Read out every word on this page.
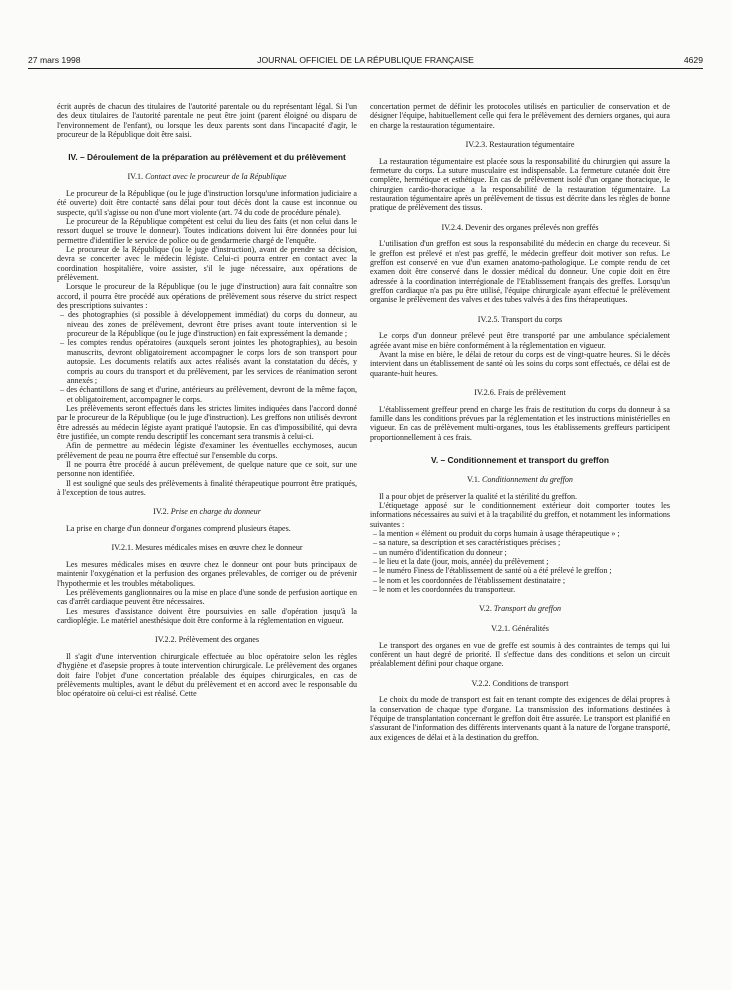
27 mars 1998	JOURNAL OFFICIEL DE LA RÉPUBLIQUE FRANÇAISE	4629

écrit auprès de chacun des titulaires de l'autorité parentale ou du représentant légal. Si l'un des deux titulaires de l'autorité parentale ne peut être joint (parent éloigné ou disparu de l'environnement de l'enfant), ou lorsque les deux parents sont dans l'incapacité d'agir, le procureur de la République doit être saisi.

IV. – Déroulement de la préparation au prélèvement et du prélèvement
IV.1. Contact avec le procureur de la République

Le procureur de la République (ou le juge d'instruction lorsqu'une information judiciaire a été ouverte) doit être contacté sans délai pour tout décès dont la cause est inconnue ou suspecte, qu'il s'agisse ou non d'une mort violente (art. 74 du code de procédure pénale).

Le procureur de la République compétent est celui du lieu des faits (et non celui dans le ressort duquel se trouve le donneur). Toutes indications doivent lui être données pour lui permettre d'identifier le service de police ou de gendarmerie chargé de l'enquête.

Le procureur de la République (ou le juge d'instruction), avant de prendre sa décision, devra se concerter avec le médecin légiste. Celui-ci pourra entrer en contact avec la coordination hospitalière, voire assister, s'il le juge nécessaire, aux opérations de prélèvement.

Lorsque le procureur de la République (ou le juge d'instruction) aura fait connaître son accord, il pourra être procédé aux opérations de prélèvement sous réserve du strict respect des prescriptions suivantes :

– des photographies (si possible à développement immédiat) du corps du donneur, au niveau des zones de prélèvement, devront être prises avant toute intervention si le procureur de la République (ou le juge d'instruction) en fait expressément la demande ;

– les comptes rendus opératoires (auxquels seront jointes les photographies), au besoin manuscrits, devront obligatoirement accompagner le corps lors de son transport pour autopsie. Les documents relatifs aux actes réalisés avant la constatation du décès, y compris au cours du transport et du prélèvement, par les services de réanimation seront annexés ;

– des échantillons de sang et d'urine, antérieurs au prélèvement, devront de la même façon, et obligatoirement, accompagner le corps.

Les prélèvements seront effectués dans les strictes limites indiquées dans l'accord donné par le procureur de la République (ou le juge d'instruction). Les greffons non utilisés devront être adressés au médecin légiste ayant pratiqué l'autopsie. En cas d'impossibilité, qui devra être justifiée, un compte rendu descriptif les concernant sera transmis à celui-ci.

Afin de permettre au médecin légiste d'examiner les éventuelles ecchymoses, aucun prélèvement de peau ne pourra être effectué sur l'ensemble du corps.

Il ne pourra être procédé à aucun prélèvement, de quelque nature que ce soit, sur une personne non identifiée.

Il est souligné que seuls des prélèvements à finalité thérapeutique pourront être pratiqués, à l'exception de tous autres.

IV.2. Prise en charge du donneur

La prise en charge d'un donneur d'organes comprend plusieurs étapes.

IV.2.1. Mesures médicales mises en œuvre chez le donneur

Les mesures médicales mises en œuvre chez le donneur ont pour buts principaux de maintenir l'oxygénation et la perfusion des organes prélevables, de corriger ou de prévenir l'hypothermie et les troubles métaboliques.

Les prélèvements ganglionnaires ou la mise en place d'une sonde de perfusion aortique en cas d'arrêt cardiaque peuvent être nécessaires.

Les mesures d'assistance doivent être poursuivies en salle d'opération jusqu'à la cardioplégie. Le matériel anesthésique doit être conforme à la réglementation en vigueur.

IV.2.2. Prélèvement des organes

Il s'agit d'une intervention chirurgicale effectuée au bloc opératoire selon les règles d'hygiène et d'asepsie propres à toute intervention chirurgicale. Le prélèvement des organes doit faire l'objet d'une concertation préalable des équipes chirurgicales, en cas de prélèvements multiples, avant le début du prélèvement et en accord avec le responsable du bloc opératoire où celui-ci est réalisé. Cette

concertation permet de définir les protocoles utilisés en particulier de conservation et de désigner l'équipe, habituellement celle qui fera le prélèvement des derniers organes, qui aura en charge la restauration tégumentaire.

IV.2.3. Restauration tégumentaire

La restauration tégumentaire est placée sous la responsabilité du chirurgien qui assure la fermeture du corps. La suture musculaire est indispensable. La fermeture cutanée doit être complète, hermétique et esthétique. En cas de prélèvement isolé d'un organe thoracique, le chirurgien cardio-thoracique a la responsabilité de la restauration tégumentaire. La restauration tégumentaire après un prélèvement de tissus est décrite dans les règles de bonne pratique de prélèvement des tissus.

IV.2.4. Devenir des organes prélevés non greffés

L'utilisation d'un greffon est sous la responsabilité du médecin en charge du receveur. Si le greffon est prélevé et n'est pas greffé, le médecin greffeur doit motiver son refus. Le greffon est conservé en vue d'un examen anatomo-pathologique. Le compte rendu de cet examen doit être conservé dans le dossier médical du donneur. Une copie doit en être adressée à la coordination interrégionale de l'Etablissement français des greffes. Lorsqu'un greffon cardiaque n'a pas pu être utilisé, l'équipe chirurgicale ayant effectué le prélèvement organise le prélèvement des valves et des tubes valvés à des fins thérapeutiques.

IV.2.5. Transport du corps

Le corps d'un donneur prélevé peut être transporté par une ambulance spécialement agréée avant mise en bière conformément à la réglementation en vigueur.

Avant la mise en bière, le délai de retour du corps est de vingt-quatre heures. Si le décès intervient dans un établissement de santé où les soins du corps sont effectués, ce délai est de quarante-huit heures.

IV.2.6. Frais de prélèvement

L'établissement greffeur prend en charge les frais de restitution du corps du donneur à sa famille dans les conditions prévues par la réglementation et les instructions ministérielles en vigueur. En cas de prélèvement multi-organes, tous les établissements greffeurs participent proportionnellement à ces frais.

V. – Conditionnement et transport du greffon
V.1. Conditionnement du greffon

Il a pour objet de préserver la qualité et la stérilité du greffon.

L'étiquetage apposé sur le conditionnement extérieur doit comporter toutes les informations nécessaires au suivi et à la traçabilité du greffon, et notamment les informations suivantes :

– la mention « élément ou produit du corps humain à usage thérapeutique » ;

– sa nature, sa description et ses caractéristiques précises ;

– un numéro d'identification du donneur ;

– le lieu et la date (jour, mois, année) du prélèvement ;

– le numéro Finess de l'établissement de santé où a été prélevé le greffon ;

– le nom et les coordonnées de l'établissement destinataire ;

– le nom et les coordonnées du transporteur.

V.2. Transport du greffon
V.2.1. Généralités

Le transport des organes en vue de greffe est soumis à des contraintes de temps qui lui confèrent un haut degré de priorité. Il s'effectue dans des conditions et selon un circuit préalablement défini pour chaque organe.

V.2.2. Conditions de transport

Le choix du mode de transport est fait en tenant compte des exigences de délai propres à la conservation de chaque type d'organe. La transmission des informations destinées à l'équipe de transplantation concernant le greffon doit être assurée. Le transport est planifié en s'assurant de l'information des différents intervenants quant à la nature de l'organe transporté, aux exigences de délai et à la destination du greffon.
